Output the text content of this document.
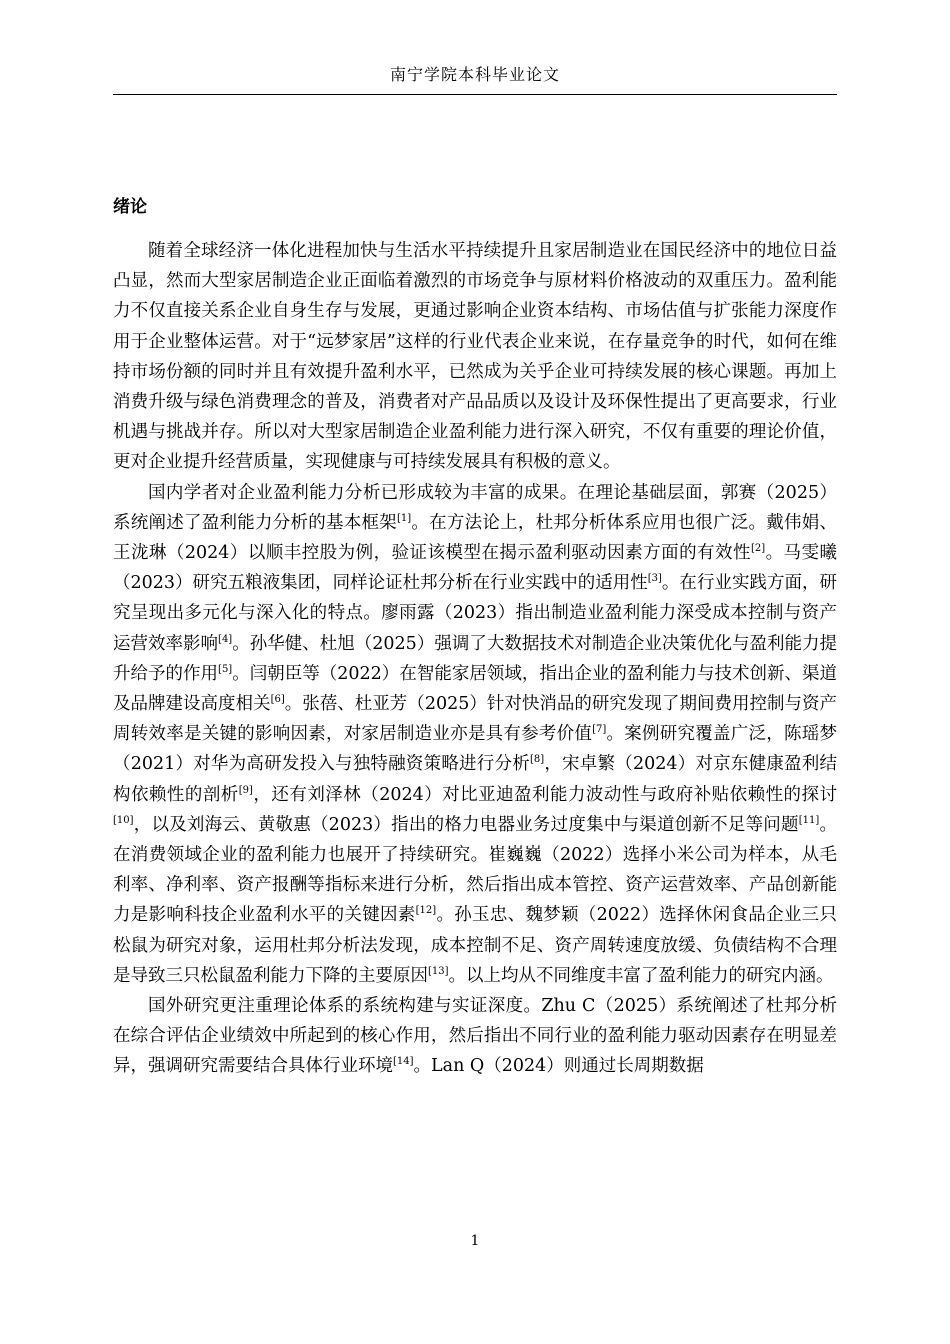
南宁学院本科毕业论文
绪论

随着全球经济一体化进程加快与生活水平持续提升且家居制造业在国民经济中的地位日益凸显，然而大型家居制造企业正面临着激烈的市场竞争与原材料价格波动的双重压力。盈利能力不仅直接关系企业自身生存与发展，更通过影响企业资本结构、市场估值与扩张能力深度作用于企业整体运营。对于“远梦家居”这样的行业代表企业来说，在存量竞争的时代，如何在维持市场份额的同时并且有效提升盈利水平，已然成为关乎企业可持续发展的核心课题。再加上消费升级与绿色消费理念的普及，消费者对产品品质以及设计及环保性提出了更高要求，行业机遇与挑战并存。所以对大型家居制造企业盈利能力进行深入研究，不仅有重要的理论价值，更对企业提升经营质量，实现健康与可持续发展具有积极的意义。

国内学者对企业盈利能力分析已形成较为丰富的成果。在理论基础层面，郭赛（2025）系统阐述了盈利能力分析的基本框架[1]。在方法论上，杜邦分析体系应用也很广泛。戴伟娟、王泷琳（2024）以顺丰控股为例，验证该模型在揭示盈利驱动因素方面的有效性[2]。马雯曦（2023）研究五粮液集团，同样论证杜邦分析在行业实践中的适用性[3]。在行业实践方面，研究呈现出多元化与深入化的特点。廖雨露（2023）指出制造业盈利能力深受成本控制与资产运营效率影响[4]。孙华健、杜旭（2025）强调了大数据技术对制造企业决策优化与盈利能力提升给予的作用[5]。闫朝臣等（2022）在智能家居领域，指出企业的盈利能力与技术创新、渠道及品牌建设高度相关[6]。张蓓、杜亚芳（2025）针对快消品的研究发现了期间费用控制与资产周转效率是关键的影响因素，对家居制造业亦是具有参考价值[7]。案例研究覆盖广泛，陈瑶梦（2021）对华为高研发投入与独特融资策略进行分析[8]，宋卓繁（2024）对京东健康盈利结构依赖性的剖析[9]，还有刘泽林（2024）对比亚迪盈利能力波动性与政府补贴依赖性的探讨[10]，以及刘海云、黄敬惠（2023）指出的格力电器业务过度集中与渠道创新不足等问题[11]。在消费领域企业的盈利能力也展开了持续研究。崔巍巍（2022）选择小米公司为样本，从毛利率、净利率、资产报酬等指标来进行分析，然后指出成本管控、资产运营效率、产品创新能力是影响科技企业盈利水平的关键因素[12]。孙玉忠、魏梦颖（2022）选择休闲食品企业三只松鼠为研究对象，运用杜邦分析法发现，成本控制不足、资产周转速度放缓、负债结构不合理是导致三只松鼠盈利能力下降的主要原因[13]。以上均从不同维度丰富了盈利能力的研究内涵。

国外研究更注重理论体系的系统构建与实证深度。Zhu C（2025）系统阐述了杜邦分析在综合评估企业绩效中所起到的核心作用，然后指出不同行业的盈利能力驱动因素存在明显差异，强调研究需要结合具体行业环境[14]。Lan Q（2024）则通过长周期数据

1
